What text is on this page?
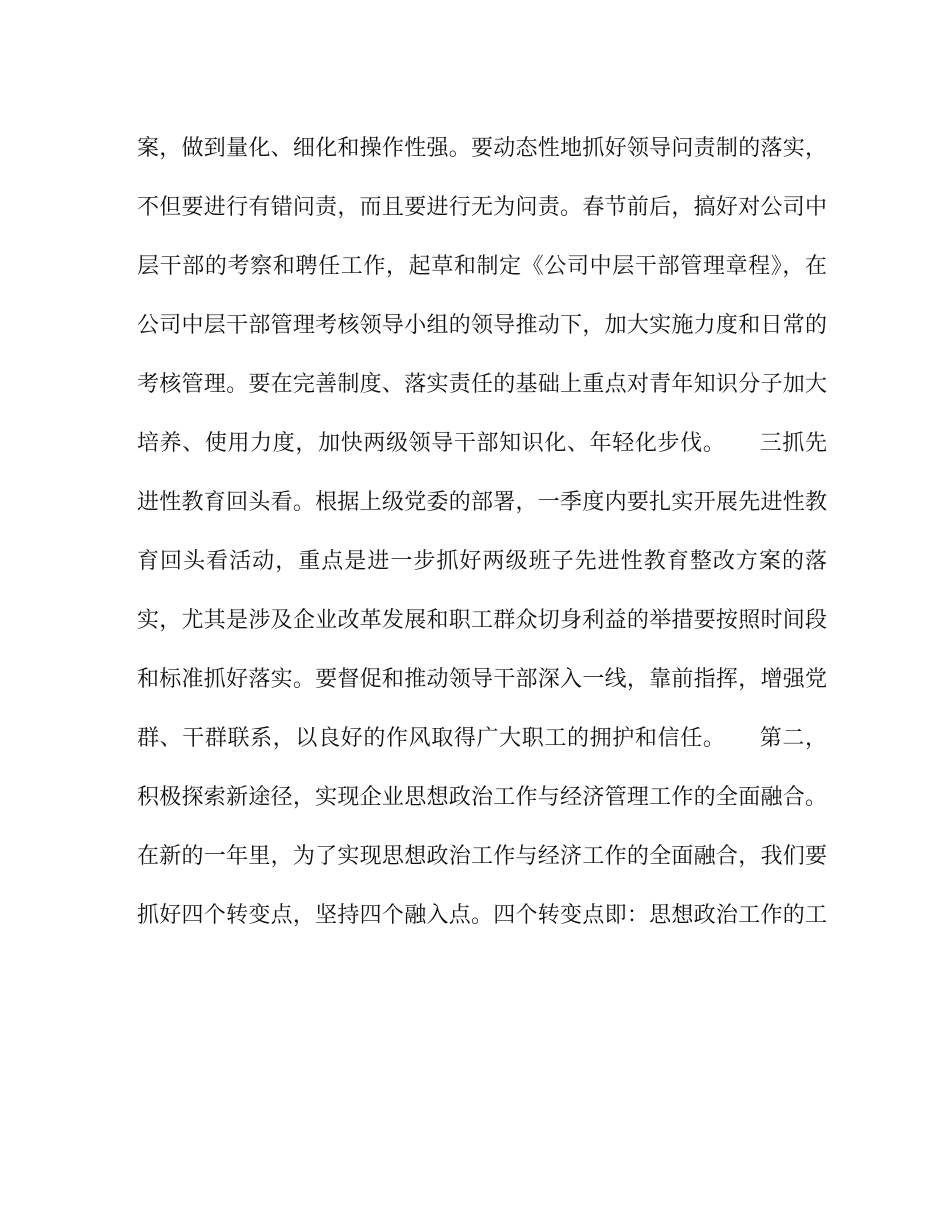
案，做到量化、细化和操作性强。要动态性地抓好领导问责制的落实，
不但要进行有错问责，而且要进行无为问责。春节前后，搞好对公司中
层干部的考察和聘任工作，起草和制定《公司中层干部管理章程》，在
公司中层干部管理考核领导小组的领导推动下，加大实施力度和日常的
考核管理。要在完善制度、落实责任的基础上重点对青年知识分子加大
培养、使用力度，加快两级领导干部知识化、年轻化步伐。　　三抓先
进性教育回头看。根据上级党委的部署，一季度内要扎实开展先进性教
育回头看活动，重点是进一步抓好两级班子先进性教育整改方案的落
实，尤其是涉及企业改革发展和职工群众切身利益的举措要按照时间段
和标准抓好落实。要督促和推动领导干部深入一线，靠前指挥，增强党
群、干群联系，以良好的作风取得广大职工的拥护和信任。　　第二，
积极探索新途径，实现企业思想政治工作与经济管理工作的全面融合。
在新的一年里，为了实现思想政治工作与经济工作的全面融合，我们要
抓好四个转变点，坚持四个融入点。四个转变点即：思想政治工作的工
